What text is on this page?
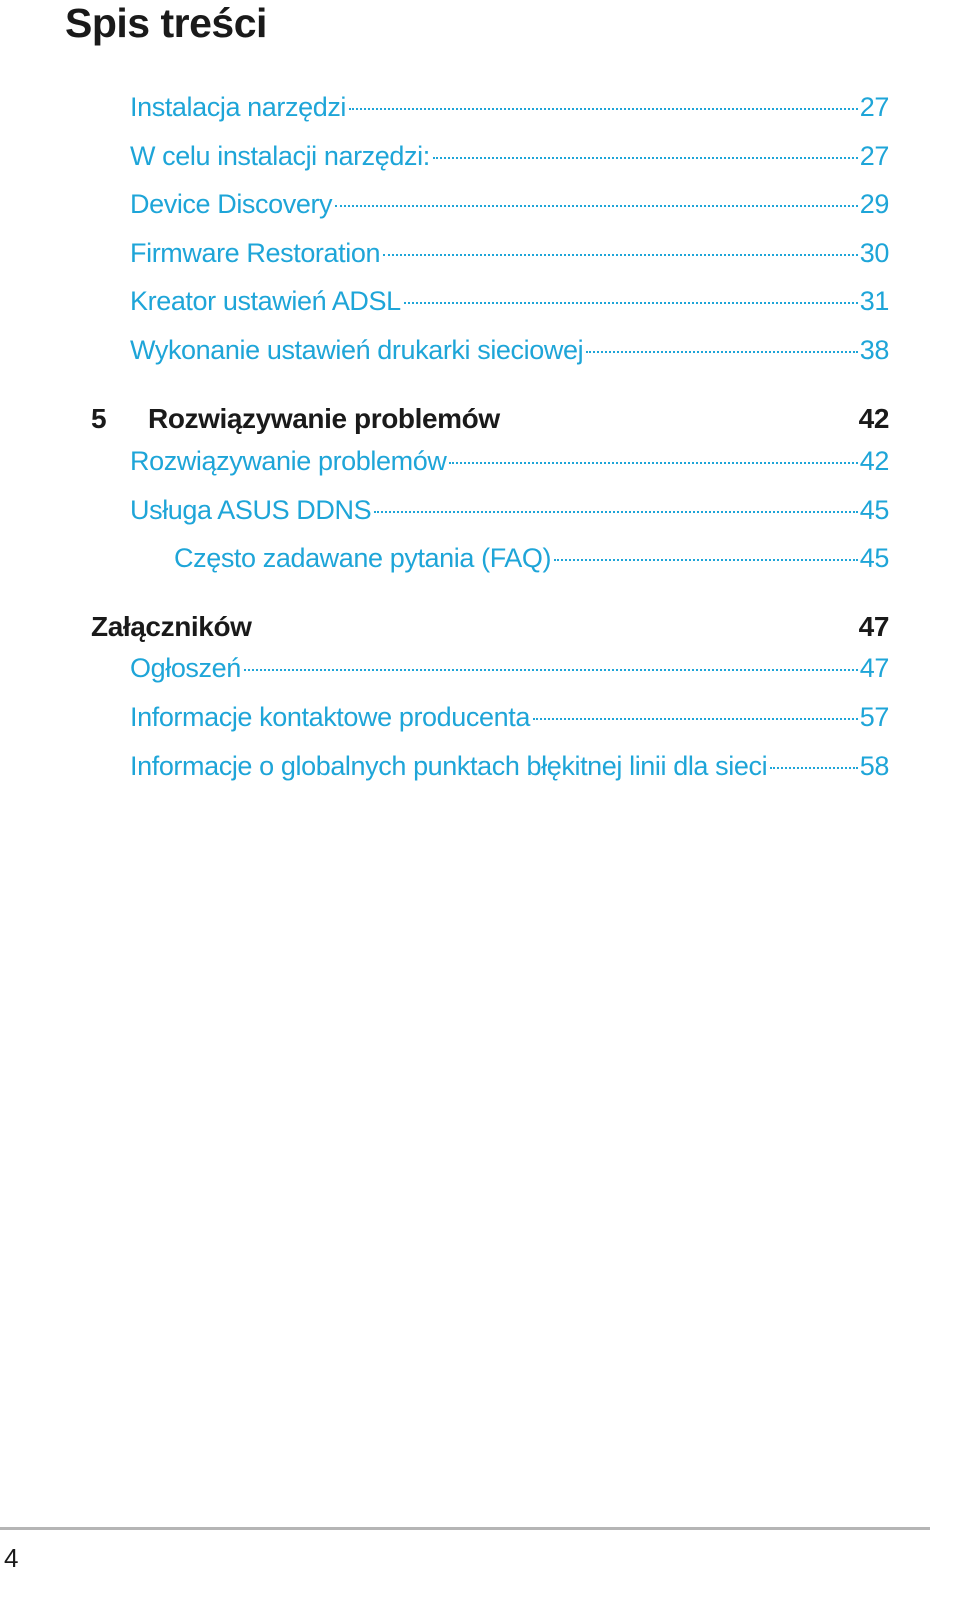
Spis treści
Instalacja narzędzi	27
W celu instalacji narzędzi:	27
Device Discovery	29
Firmware Restoration	30
Kreator ustawień ADSL	31
Wykonanie ustawień drukarki sieciowej	38
5	Rozwiązywanie problemów	42
Rozwiązywanie problemów	42
Usługa ASUS DDNS	45
Często zadawane pytania (FAQ)	45
Załączników	47
Ogłoszeń	47
Informacje kontaktowe producenta	57
Informacje o globalnych punktach błękitnej linii dla sieci	58
4
